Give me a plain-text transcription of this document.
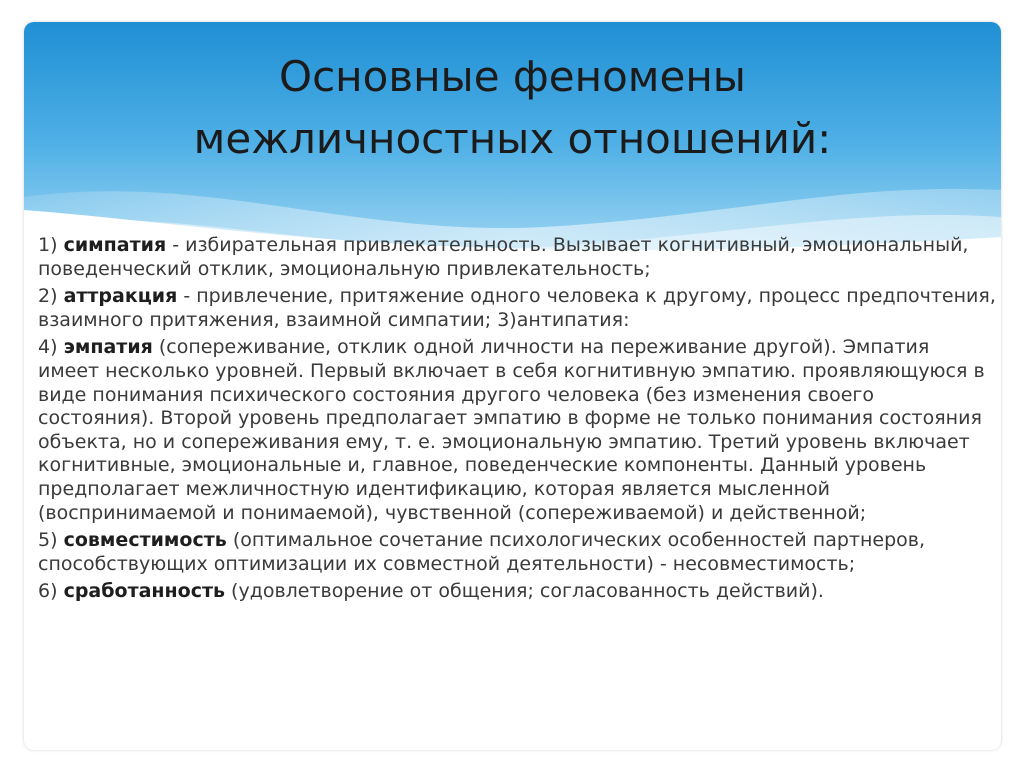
Основные феномены
межличностных отношений:

1) симпатия - избирательная привлекательность. Вызывает когнитивный, эмоциональный, поведенческий отклик, эмоциональную привлекательность;

2) аттракция - привлечение, притяжение одного человека к другому, процесс предпочтения, взаимного притяжения, взаимной симпатии; 3)антипатия:

4) эмпатия (сопереживание, отклик одной личности на переживание другой). Эмпатия имеет несколько уровней. Первый включает в себя когнитивную эмпатию. проявляющуюся в виде понимания психического состояния другого человека (без изменения своего состояния). Второй уровень предполагает эмпатию в форме не только понимания состояния объекта, но и сопереживания ему, т. е. эмоциональную эмпатию. Третий уровень включает когнитивные, эмоциональные и, главное, поведенческие компоненты. Данный уровень предполагает межличностную идентификацию, которая является мысленной (воспринимаемой и понимаемой), чувственной (сопереживаемой) и действенной;

5) совместимость (оптимальное сочетание психологических особенностей партнеров, способствующих оптимизации их совместной деятельности) - несовместимость;

6) сработанность (удовлетворение от общения; согласованность действий).
